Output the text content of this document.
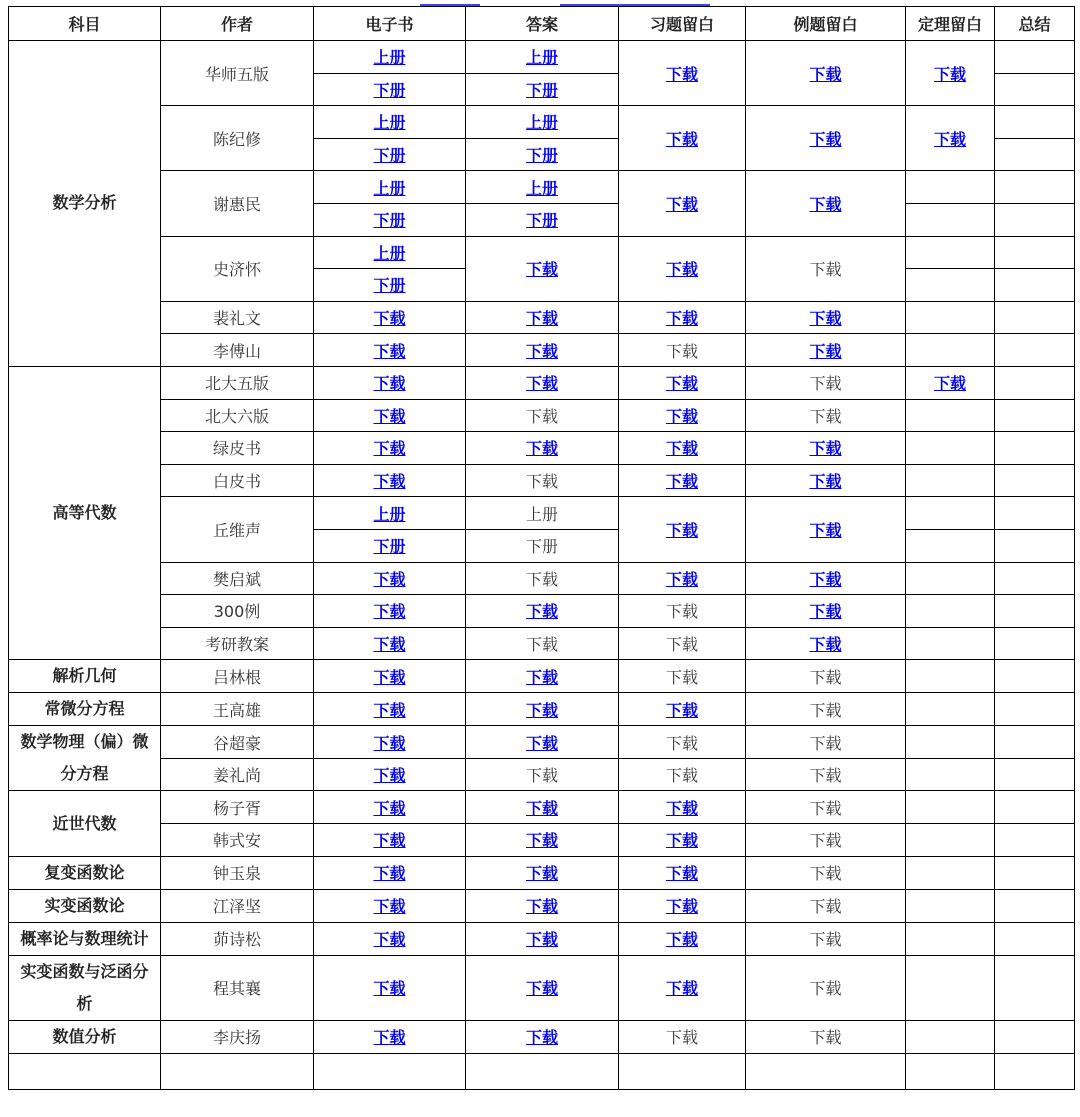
科目	作者	电子书	答案	习题留白	例题留白	定理留白	总结
数学分析	华师五版	上册	上册	下载	下载	下载	
		下册	下册				
	陈纪修	上册	上册	下载	下载	下载	
		下册	下册				
	谢惠民	上册	上册	下载	下载		
		下册	下册				
	史济怀	上册	下载	下载	下载		
		下册					
	裴礼文	下载	下载	下载	下载		
	李傅山	下载	下载	下载	下载		
高等代数	北大五版	下载	下载	下载	下载	下载	
	北大六版	下载	下载	下载	下载		
	绿皮书	下载	下载	下载	下载		
	白皮书	下载	下载	下载	下载		
	丘维声	上册	上册	下载	下载		
		下册	下册				
	樊启斌	下载	下载	下载	下载		
	300例	下载	下载	下载	下载		
	考研教案	下载	下载	下载	下载		
解析几何	吕林根	下载	下载	下载	下载		
常微分方程	王高雄	下载	下载	下载	下载		
数学物理（偏）微分方程	谷超豪	下载	下载	下载	下载		
	姜礼尚	下载	下载	下载	下载		
近世代数	杨子胥	下载	下载	下载	下载		
	韩式安	下载	下载	下载	下载		
复变函数论	钟玉泉	下载	下载	下载	下载		
实变函数论	江泽坚	下载	下载	下载	下载		
概率论与数理统计	茆诗松	下载	下载	下载	下载		
实变函数与泛函分析	程其襄	下载	下载	下载	下载		
数值分析	李庆扬	下载	下载	下载	下载		
